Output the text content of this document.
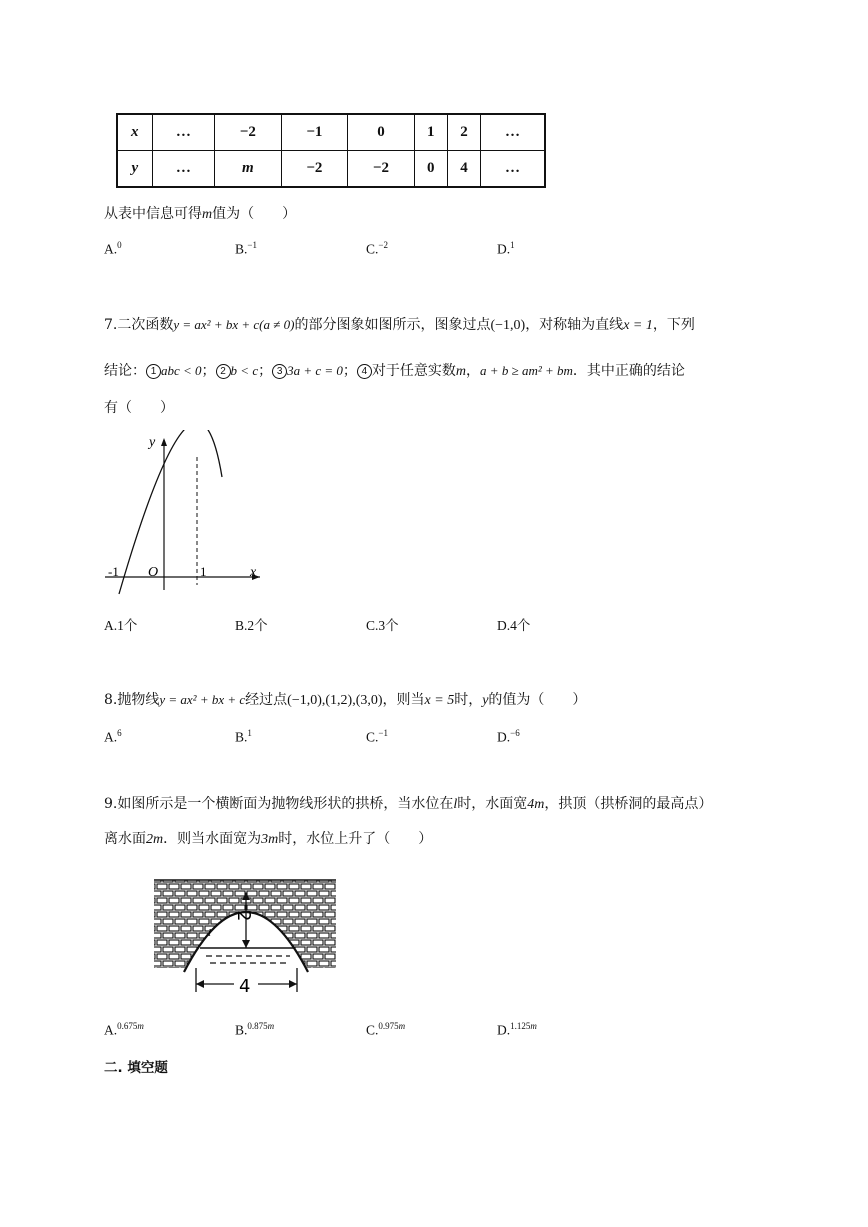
x	…	−2	−1	0	1	2	…
y	…	m	−2	−2	0	4	…
从表中信息可得m值为（　　）
A.$^0$	B.$^{-1}$	C.$^{-2}$	D.$^1$
7.二次函数y = ax² + bx + c(a ≠ 0)的部分图象如图所示，图象过点(−1,0)，对称轴为直线x = 1，下列
结论： 1 abc < 0； 2 b < c； 3 3a + c = 0； 4 对于任意实数m，a + b ≥ am² + bm．其中正确的结论
有（　　）
y
x
O
-1	1
A.1个	B.2个	C.3个	D.4个
8.抛物线y = ax² + bx + c经过点(−1,0),(1,2),(3,0)，则当x = 5时，y的值为（　　）
A.$^6$	B.$^1$	C.$^{-1}$	D.$^{-6}$
9.如图所示是一个横断面为抛物线形状的拱桥，当水位在l时，水面宽4m，拱顶（拱桥洞的最高点）
离水面2m．则当水面宽为3m时，水位上升了（　　）
2
l
4
A.$^{0.675m}$	B.$^{0.875m}$	C.$^{0.975m}$	D.$^{1.125m}$
二. 填空题
